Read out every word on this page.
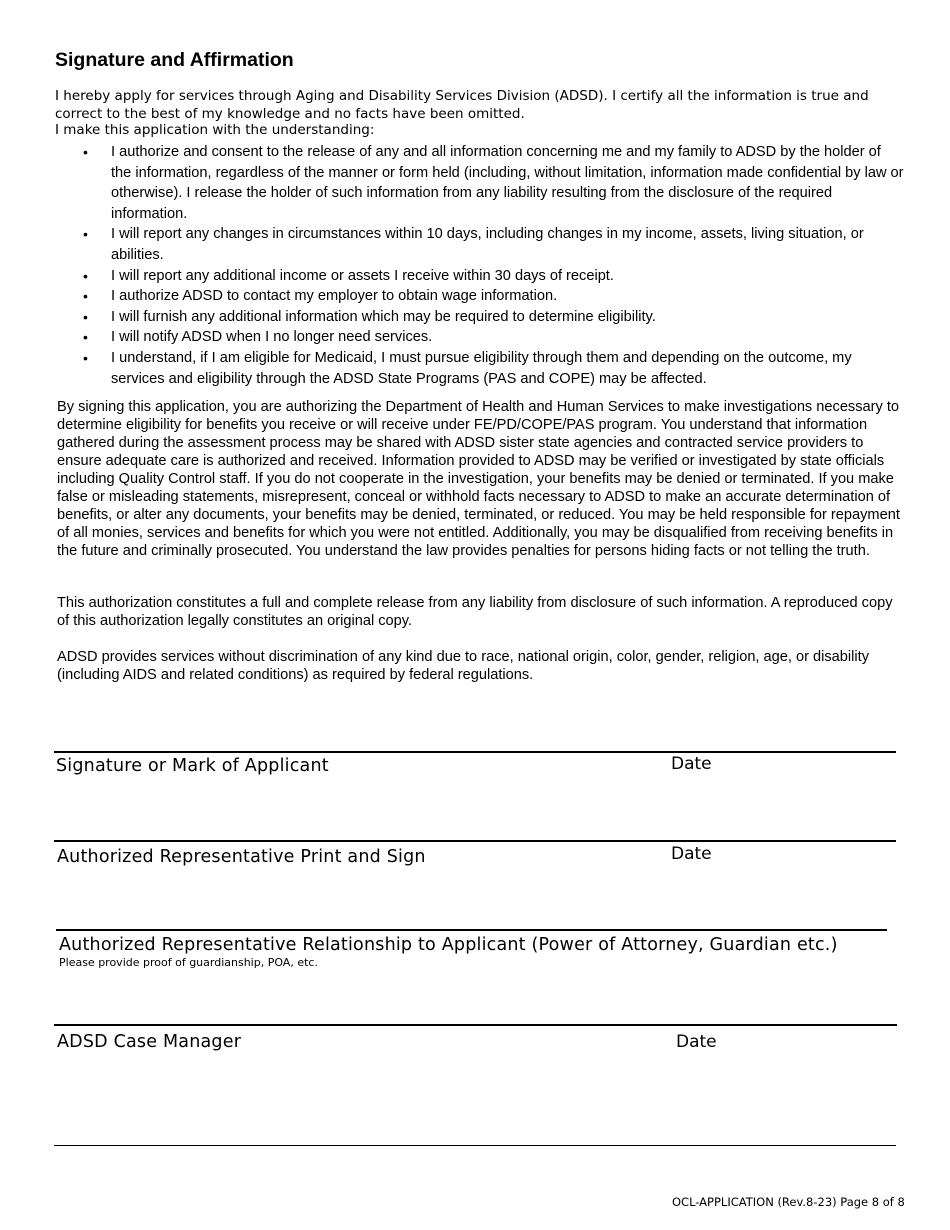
Signature and Affirmation
I hereby apply for services through Aging and Disability Services Division (ADSD). I certify all the information is true and correct to the best of my knowledge and no facts have been omitted.
I make this application with the understanding:
• I authorize and consent to the release of any and all information concerning me and my family to ADSD by the holder of the information, regardless of the manner or form held (including, without limitation, information made confidential by law or otherwise). I release the holder of such information from any liability resulting from the disclosure of the required information.
• I will report any changes in circumstances within 10 days, including changes in my income, assets, living situation, or abilities.
• I will report any additional income or assets I receive within 30 days of receipt.
• I authorize ADSD to contact my employer to obtain wage information.
• I will furnish any additional information which may be required to determine eligibility.
• I will notify ADSD when I no longer need services.
• I understand, if I am eligible for Medicaid, I must pursue eligibility through them and depending on the outcome, my services and eligibility through the ADSD State Programs (PAS and COPE) may be affected.

By signing this application, you are authorizing the Department of Health and Human Services to make investigations necessary to determine eligibility for benefits you receive or will receive under FE/PD/COPE/PAS program. You understand that information gathered during the assessment process may be shared with ADSD sister state agencies and contracted service providers to ensure adequate care is authorized and received. Information provided to ADSD may be verified or investigated by state officials including Quality Control staff. If you do not cooperate in the investigation, your benefits may be denied or terminated. If you make false or misleading statements, misrepresent, conceal or withhold facts necessary to ADSD to make an accurate determination of benefits, or alter any documents, your benefits may be denied, terminated, or reduced. You may be held responsible for repayment of all monies, services and benefits for which you were not entitled. Additionally, you may be disqualified from receiving benefits in the future and criminally prosecuted. You understand the law provides penalties for persons hiding facts or not telling the truth.

This authorization constitutes a full and complete release from any liability from disclosure of such information. A reproduced copy of this authorization legally constitutes an original copy.

ADSD provides services without discrimination of any kind due to race, national origin, color, gender, religion, age, or disability (including AIDS and related conditions) as required by federal regulations.

Signature or Mark of Applicant	Date
Authorized Representative Print and Sign	Date
Authorized Representative Relationship to Applicant (Power of Attorney, Guardian etc.)
Please provide proof of guardianship, POA, etc.
ADSD Case Manager	Date
OCL-APPLICATION (Rev.8-23) Page 8 of 8
